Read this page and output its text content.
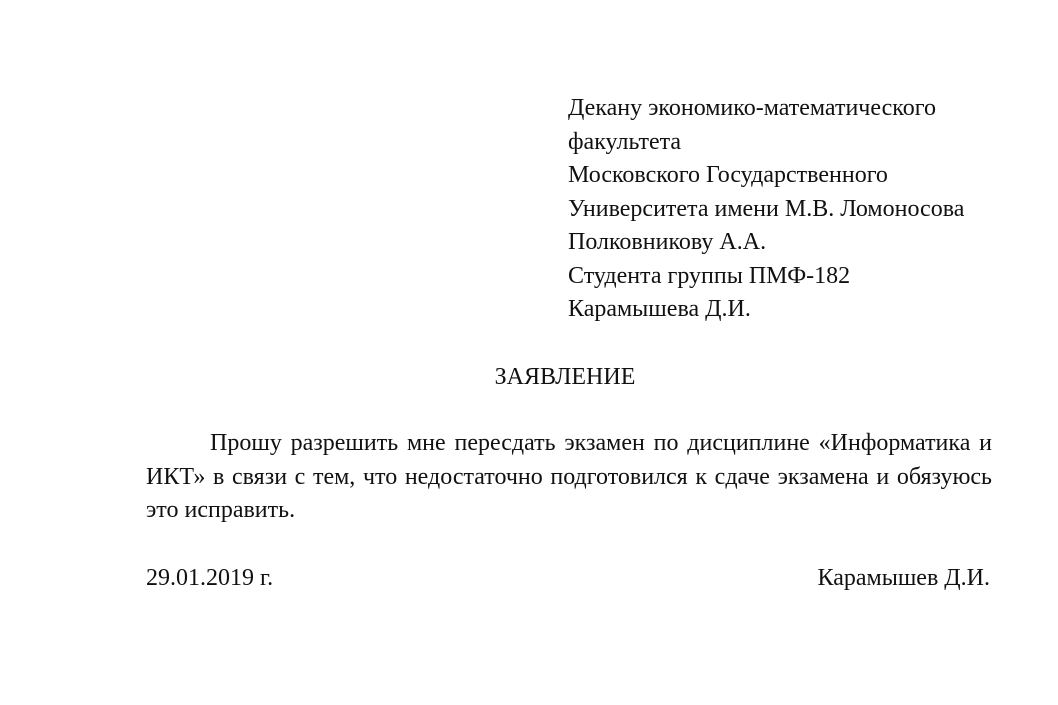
Декану экономико-математического
факультета
Московского Государственного
Университета имени М.В. Ломоносова
Полковникову А.А.
Студента группы ПМФ-182
Карамышева Д.И.
ЗАЯВЛЕНИЕ
Прошу разрешить мне пересдать экзамен по дисциплине «Информатика и ИКТ» в связи с тем, что недостаточно подготовился к сдаче экзамена и обязуюсь это исправить.
29.01.2019 г.	Карамышев Д.И.
